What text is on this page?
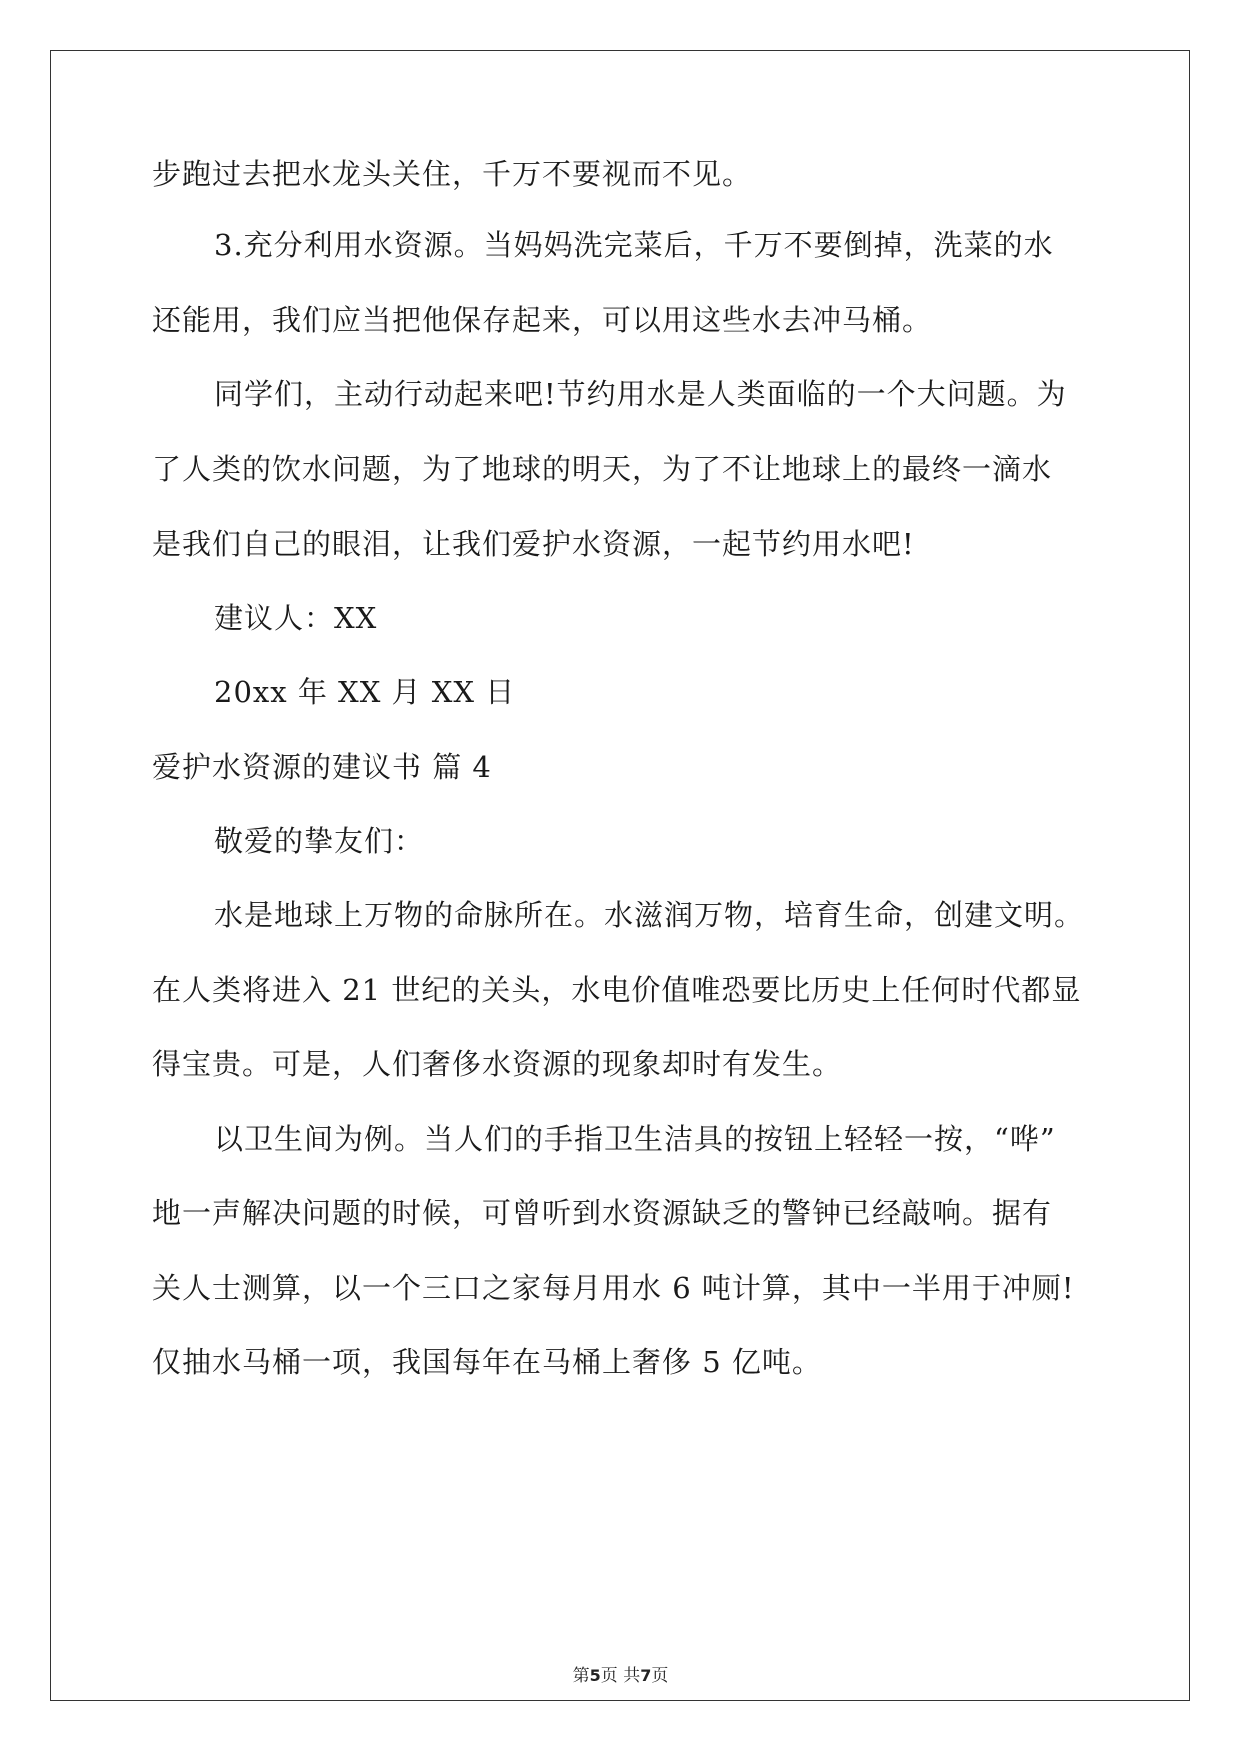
步跑过去把水龙头关住，千万不要视而不见。
3.充分利用水资源。当妈妈洗完菜后，千万不要倒掉，洗菜的水
还能用，我们应当把他保存起来，可以用这些水去冲马桶。
同学们，主动行动起来吧!节约用水是人类面临的一个大问题。为
了人类的饮水问题，为了地球的明天，为了不让地球上的最终一滴水
是我们自己的眼泪，让我们爱护水资源，一起节约用水吧!
建议人：XX
20xx 年 XX 月 XX 日
爱护水资源的建议书 篇 4
敬爱的挚友们：
水是地球上万物的命脉所在。水滋润万物，培育生命，创建文明。
在人类将进入 21 世纪的关头，水电价值唯恐要比历史上任何时代都显
得宝贵。可是，人们奢侈水资源的现象却时有发生。
以卫生间为例。当人们的手指卫生洁具的按钮上轻轻一按，“哗”
地一声解决问题的时候，可曾听到水资源缺乏的警钟已经敲响。据有
关人士测算，以一个三口之家每月用水 6 吨计算，其中一半用于冲厕!
仅抽水马桶一项，我国每年在马桶上奢侈 5 亿吨。
第5页 共7页
